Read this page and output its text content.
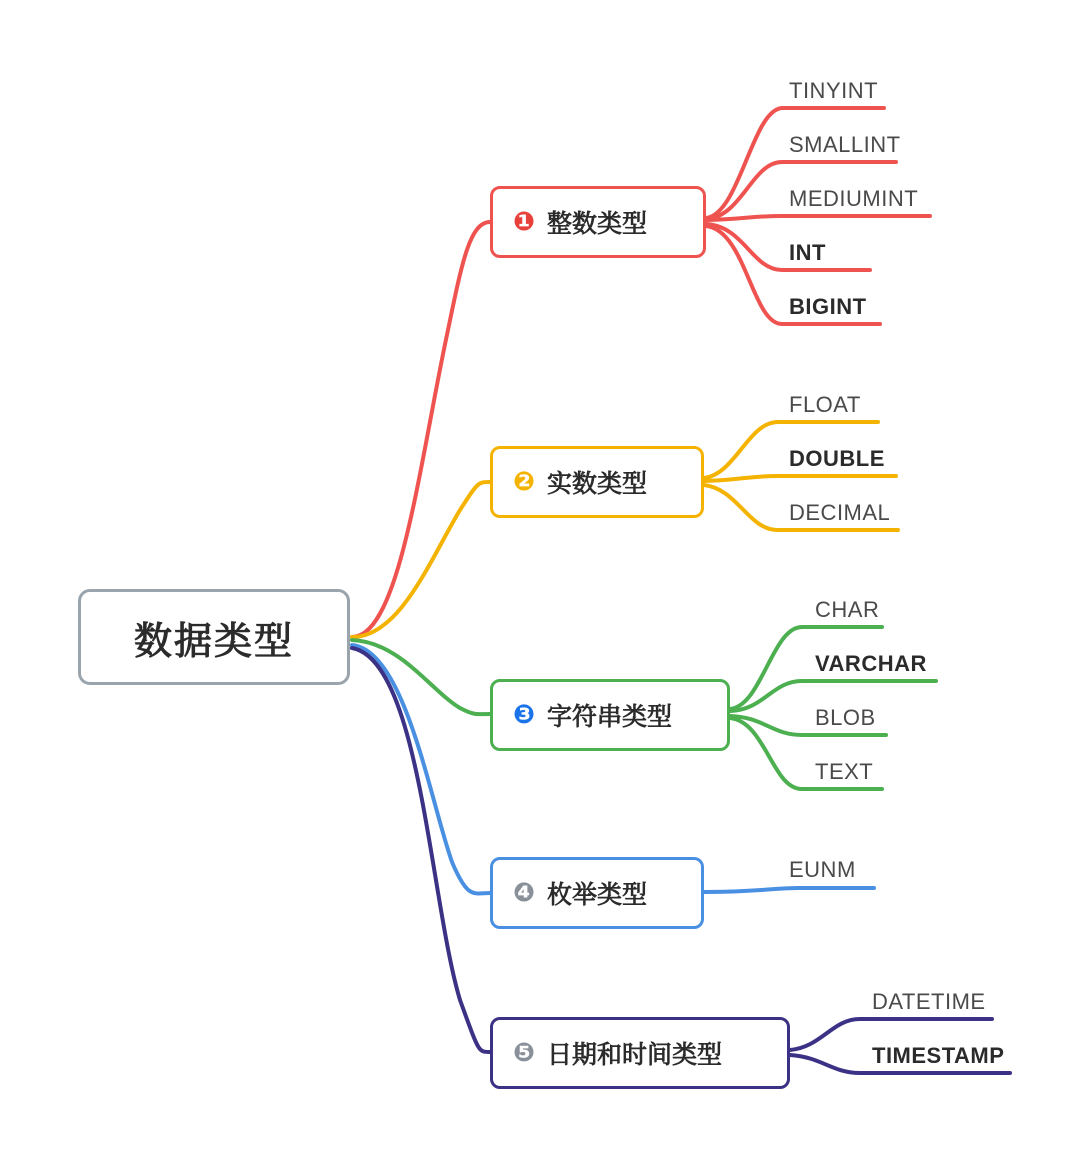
数据类型
❶ 整数类型
TINYINT
SMALLINT
MEDIUMINT
INT
BIGINT
❷ 实数类型
FLOAT
DOUBLE
DECIMAL
❸ 字符串类型
CHAR
VARCHAR
BLOB
TEXT
❹ 枚举类型
EUNM
❺ 日期和时间类型
DATETIME
TIMESTAMP
